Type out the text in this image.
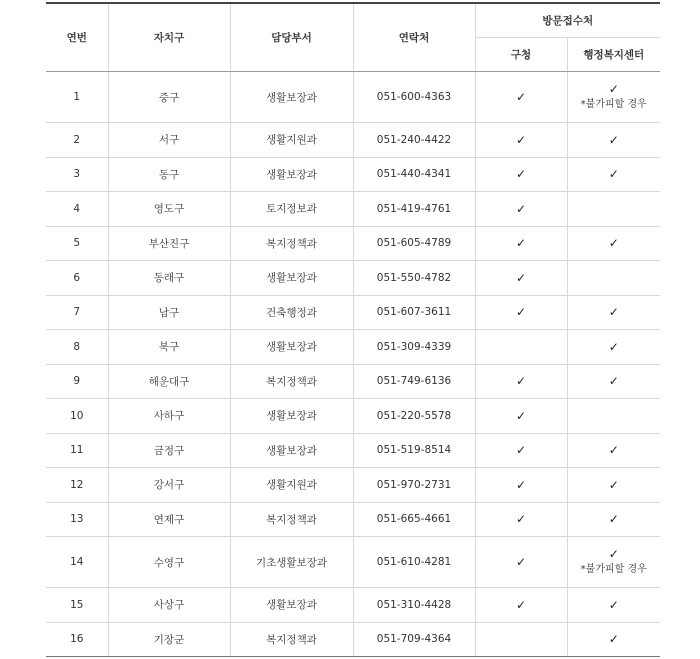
연번	자치구	담당부서	연락처	방문접수처	
				구청	행정복지센터
1	중구	생활보장과	051-600-4363	✓	✓
*불가피할 경우

2	서구	생활지원과	051-240-4422	✓	✓
3	동구	생활보장과	051-440-4341	✓	✓
4	영도구	토지정보과	051-419-4761	✓	
5	부산진구	복지정책과	051-605-4789	✓	✓
6	동래구	생활보장과	051-550-4782	✓	
7	남구	건축행정과	051-607-3611	✓	✓
8	북구	생활보장과	051-309-4339		✓
9	해운대구	복지정책과	051-749-6136	✓	✓
10	사하구	생활보장과	051-220-5578	✓	
11	금정구	생활보장과	051-519-8514	✓	✓
12	강서구	생활지원과	051-970-2731	✓	✓
13	연제구	복지정책과	051-665-4661	✓	✓
14	수영구	기초생활보장과	051-610-4281	✓	✓
*불가피할 경우

15	사상구	생활보장과	051-310-4428	✓	✓
16	기장군	복지정책과	051-709-4364		✓
